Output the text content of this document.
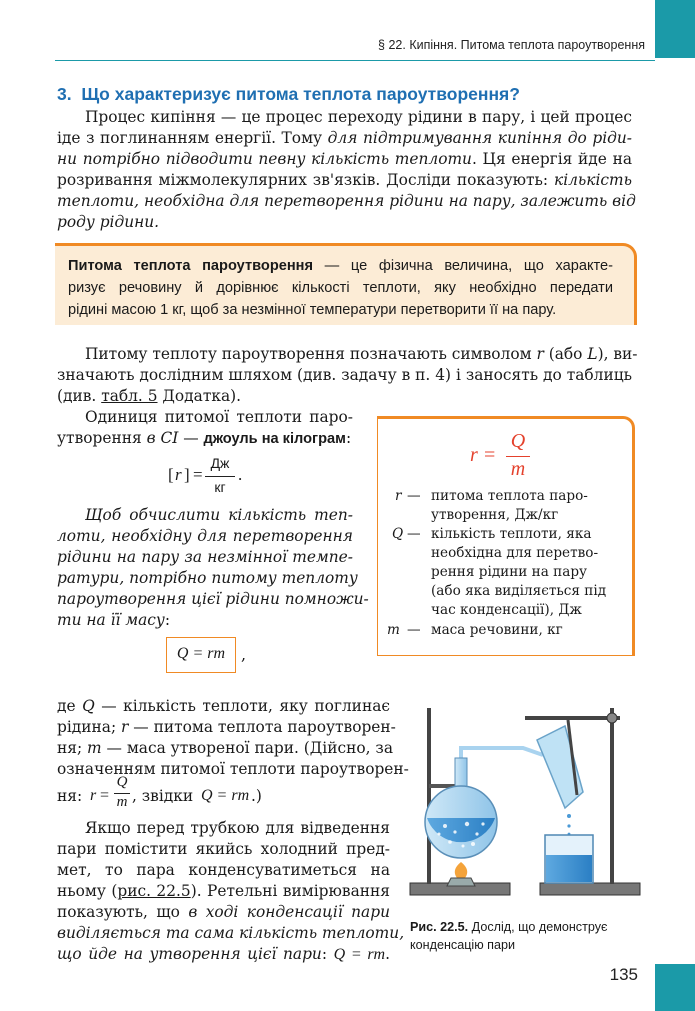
§ 22. Кипіння. Питома теплота пароутворення
3. Що характеризує питома теплота пароутворення?
Процес кипіння — це процес переходу рідини в пару, і цей процес
іде з поглинанням енергії. Тому для підтримування кипіння до ріди-
ни потрібно підводити певну кількість теплоти. Ця енергія йде на
розривання міжмолекулярних зв'язків. Досліди показують: кількість
теплоти, необхідна для перетворення рідини на пару, залежить від
роду рідини.
Питома теплота пароутворення — це фізична величина, що характе-
ризує речовину й дорівнює кількості теплоти, яку необхідно передати
рідині масою 1 кг, щоб за незмінної температури перетворити її на пару.
Питому теплоту пароутворення позначають символом r (або L), ви-
значають дослідним шляхом (див. задачу в п. 4) і заносять до таблиць
(див. табл. 5 Додатка).
Одиниця питомої теплоти паро-
утворення в СІ — джоуль на кілограм:
[ r ] =
Дж
кг
.
Щоб обчислити кількість теп-
лоти, необхідну для перетворення
рідини на пару за незмінної темпе-
ратури, потрібно питому теплоту
пароутворення цієї рідини помножи-
ти на її масу:
Q = rm ,
r =
Q
m
r — питома теплота паро-
утворення, Дж/кг
Q — кількість теплоти, яка
необхідна для перетво-
рення рідини на пару
(або яка виділяється під
час конденсації), Дж
m — маса речовини, кг
де Q — кількість теплоти, яку поглинає
рідина; r — питома теплота пароутворен-
ня; m — маса утвореної пари. (Дійсно, за
означенням питомої теплоти пароутворен-
ня: r =
Q
m , звідки Q = rm .)
Якщо перед трубкою для відведення
пари помістити якийсь холодний пред-
мет, то пара конденсуватиметься на
ньому (рис. 22.5). Ретельні вимірювання
показують, що в ході конденсації пари
виділяється та сама кількість теплоти,
що йде на утворення цієї пари: Q = rm.
Рис. 22.5. Дослід, що демонструє
конденсацію пари
135
